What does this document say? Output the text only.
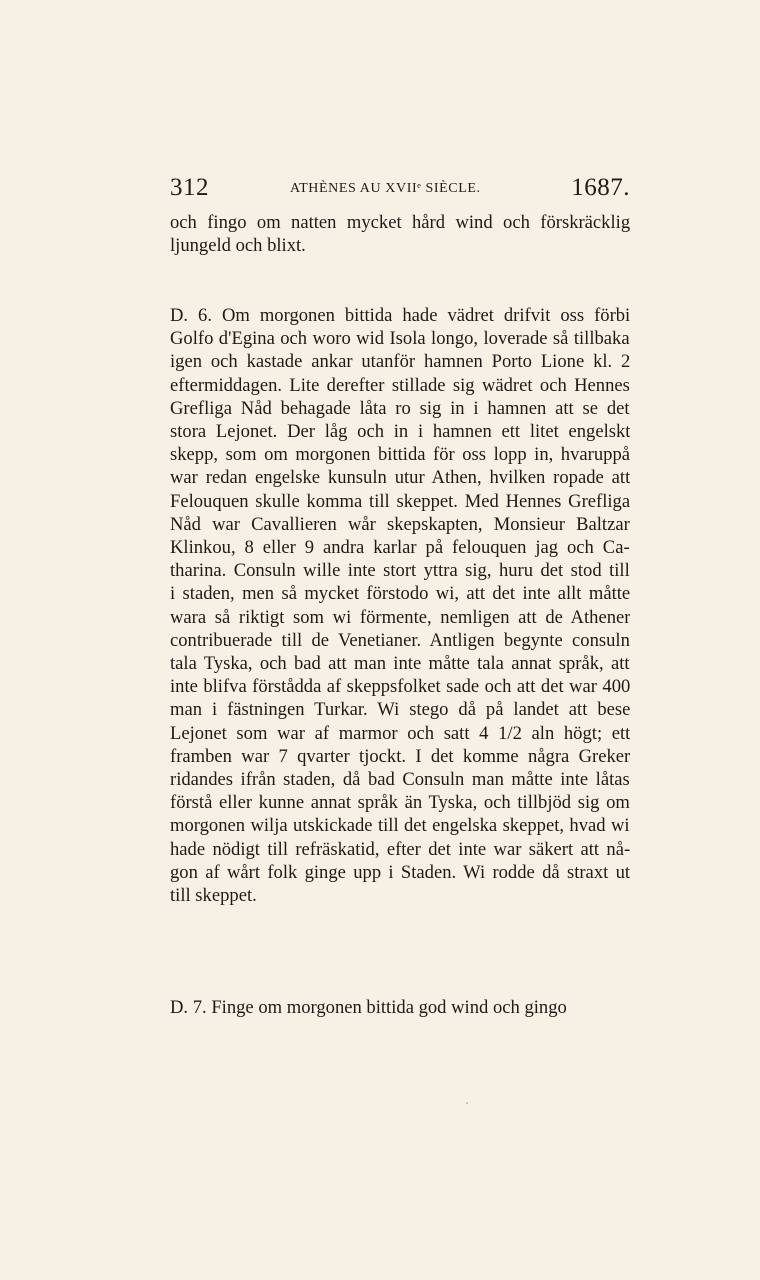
312	ATHÈNES AU XVIIᵉ SIÈCLE.	1687.
och fingo om natten mycket hård wind och förskräcklig
ljungeld och blixt.
D. 6. Om morgonen bittida hade vädret drifvit oss förbi
Golfo d'Egina och woro wid Isola longo, loverade så tillbaka
igen och kastade ankar utanför hamnen Porto Lione kl. 2
eftermiddagen. Lite derefter stillade sig wädret och Hennes
Grefliga Nåd behagade låta ro sig in i hamnen att se det
stora Lejonet. Der låg och in i hamnen ett litet engelskt
skepp, som om morgonen bittida för oss lopp in, hvaruppå
war redan engelske kunsuln utur Athen, hvilken ropade att
Felouquen skulle komma till skeppet. Med Hennes Grefliga
Nåd war Cavallieren wår skepskapten, Monsieur Baltzar
Klinkou, 8 eller 9 andra karlar på felouquen jag och Ca-
tharina. Consuln wille inte stort yttra sig, huru det stod till
i staden, men så mycket förstodo wi, att det inte allt måtte
wara så riktigt som wi förmente, nemligen att de Athener
contribuerade till de Venetianer. Antligen begynte consuln
tala Tyska, och bad att man inte måtte tala annat språk, att
inte blifva förstådda af skeppsfolket sade och att det war 400
man i fästningen Turkar. Wi stego då på landet att bese
Lejonet som war af marmor och satt 4 1/2 aln högt; ett
framben war 7 qvarter tjockt. I det komme några Greker
ridandes ifrån staden, då bad Consuln man måtte inte låtas
förstå eller kunne annat språk än Tyska, och tillbjöd sig om
morgonen wilja utskickade till det engelska skeppet, hvad wi
hade nödigt till refräskatid, efter det inte war säkert att nå-
gon af wårt folk ginge upp i Staden. Wi rodde då straxt ut
till skeppet.
D. 7. Finge om morgonen bittida god wind och gingo
